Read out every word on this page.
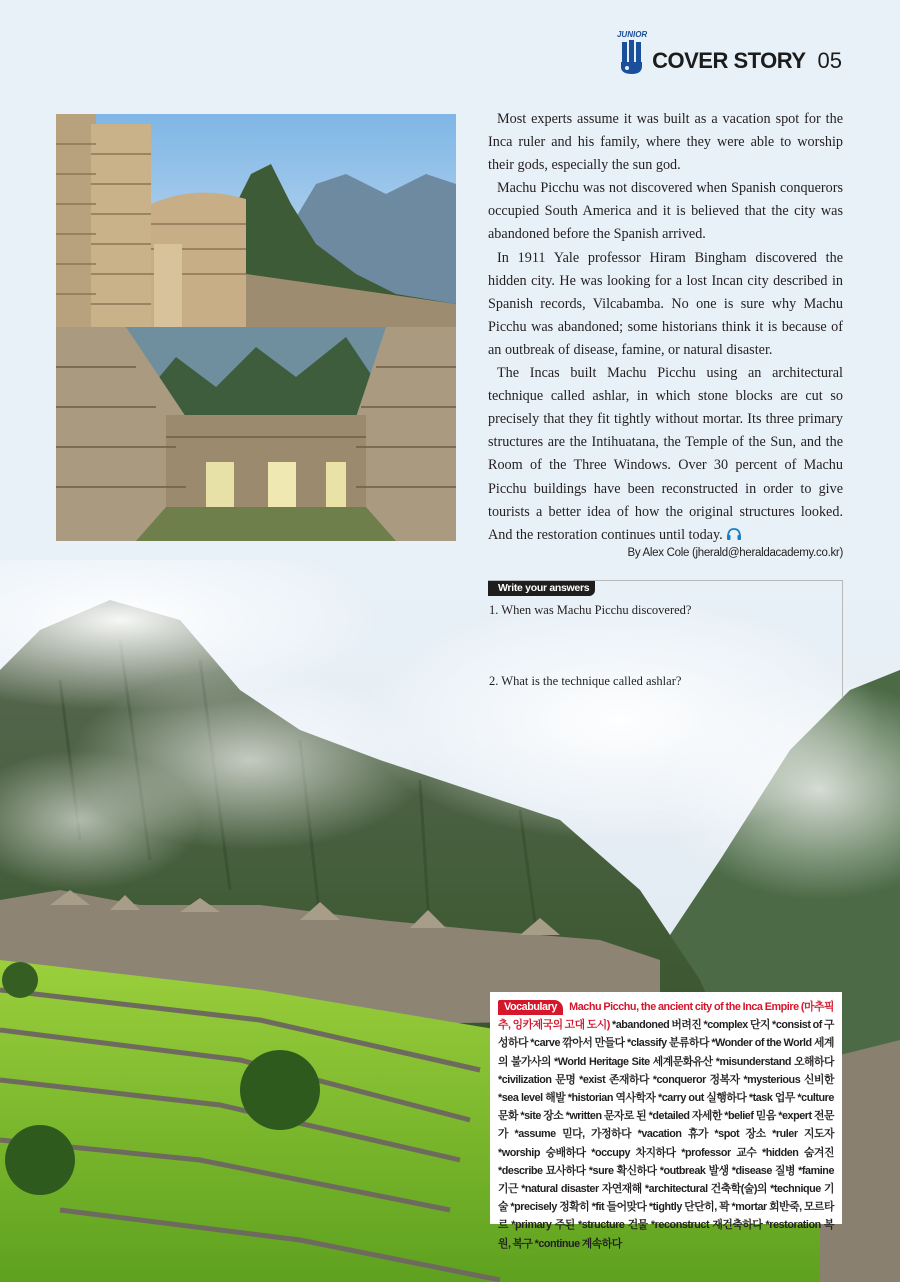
JUNIOR
COVER STORY 05

Most experts assume it was built as a vacation spot for the Inca ruler and his family, where they were able to worship their gods, especially the sun god.

Machu Picchu was not discovered when Spanish conquerors occupied South America and it is believed that the city was abandoned before the Spanish arrived.

In 1911 Yale professor Hiram Bingham discovered the hidden city. He was looking for a lost Incan city described in Spanish records, Vilcabamba. No one is sure why Machu Picchu was abandoned; some historians think it is because of an outbreak of disease, famine, or natural disaster.

The Incas built Machu Picchu using an architectural technique called ashlar, in which stone blocks are cut so precisely that they fit tightly without mortar. Its three primary structures are the Intihuatana, the Temple of the Sun, and the Room of the Three Windows. Over 30 percent of Machu Picchu buildings have been reconstructed in order to give tourists a better idea of how the original structures looked. And the restoration continues until today.

By Alex Cole (jherald@heraldacademy.co.kr)
Write your answers
1. When was Machu Picchu discovered?
2. What is the technique called ashlar?
Vocabulary Machu Picchu, the ancient city of the Inca Empire (마추픽추, 잉카제국의 고대 도시) *abandoned 버려진 *complex 단지 *consist of 구성하다 *carve 깎아서 만들다 *classify 분류하다 *Wonder of the World 세계의 불가사의 *World Heritage Site 세계문화유산 *misunderstand 오해하다 *civilization 문명 *exist 존재하다 *conqueror 정복자 *mysterious 신비한 *sea level 해발 *historian 역사학자 *carry out 실행하다 *task 업무 *culture 문화 *site 장소 *written 문자로 된 *detailed 자세한 *belief 믿음 *expert 전문가 *assume 믿다, 가정하다 *vacation 휴가 *spot 장소 *ruler 지도자 *worship 숭배하다 *occupy 차지하다 *professor 교수 *hidden 숨겨진 *describe 묘사하다 *sure 확신하다 *outbreak 발생 *disease 질병 *famine 기근 *natural disaster 자연재해 *architectural 건축학(술)의 *technique 기술 *precisely 정확히 *fit 들어맞다 *tightly 단단히, 꽉 *mortar 회반죽, 모르타르 *primary 주된 *structure 건물 *reconstruct 재건축하다 *restoration 복원, 복구 *continue 계속하다
